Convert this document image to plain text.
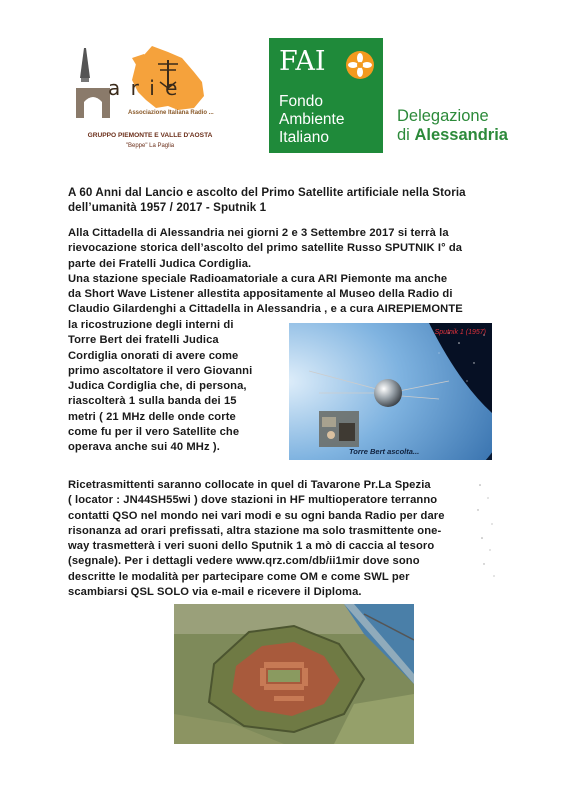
a r i e
Associazione Italiana Radio ...
GRUPPO PIEMONTE E VALLE D'AOSTA
"Beppe" La Paglia
FAI
Fondo
Ambiente
Italiano
Delegazione
di Alessandria
A 60 Anni dal Lancio e ascolto del Primo Satellite artificiale nella Storia
dell’umanità 1957 / 2017 - Sputnik 1
Alla Cittadella di Alessandria nei giorni 2 e 3 Settembre 2017 si terrà la
rievocazione storica dell’ascolto del primo satellite Russo SPUTNIK I° da
parte dei Fratelli Judica Cordiglia.
Una stazione speciale Radioamatoriale a cura ARI Piemonte ma anche
da Short Wave Listener allestita appositamente al Museo della Radio di
Claudio Gilardenghi a Cittadella in Alessandria , e a cura AIREPIEMONTE
la ricostruzione degli interni di
Torre Bert dei fratelli Judica
Cordiglia onorati di avere come
primo ascoltatore il vero Giovanni
Judica Cordiglia che, di persona,
riascolterà 1 sulla banda dei 15
metri ( 21 MHz delle onde corte
come fu per il vero Satellite che
operava anche sui 40 MHz ).
Sputnik 1 (1957)
Torre Bert ascolta...
Ricetrasmittenti saranno collocate in quel di Tavarone Pr.La Spezia
( locator : JN44SH55wi ) dove stazioni in HF multioperatore terranno
contatti QSO nel mondo nei vari modi e su ogni banda Radio per dare
risonanza ad orari prefissati, altra stazione ma solo trasmittente one-
way trasmetterà i veri suoni dello Sputnik 1 a mò di caccia al tesoro
(segnale). Per i dettagli vedere www.qrz.com/db/ii1mir dove sono
descritte le modalità per partecipare come OM e come SWL per
scambiarsi QSL SOLO via e-mail e ricevere il Diploma.
